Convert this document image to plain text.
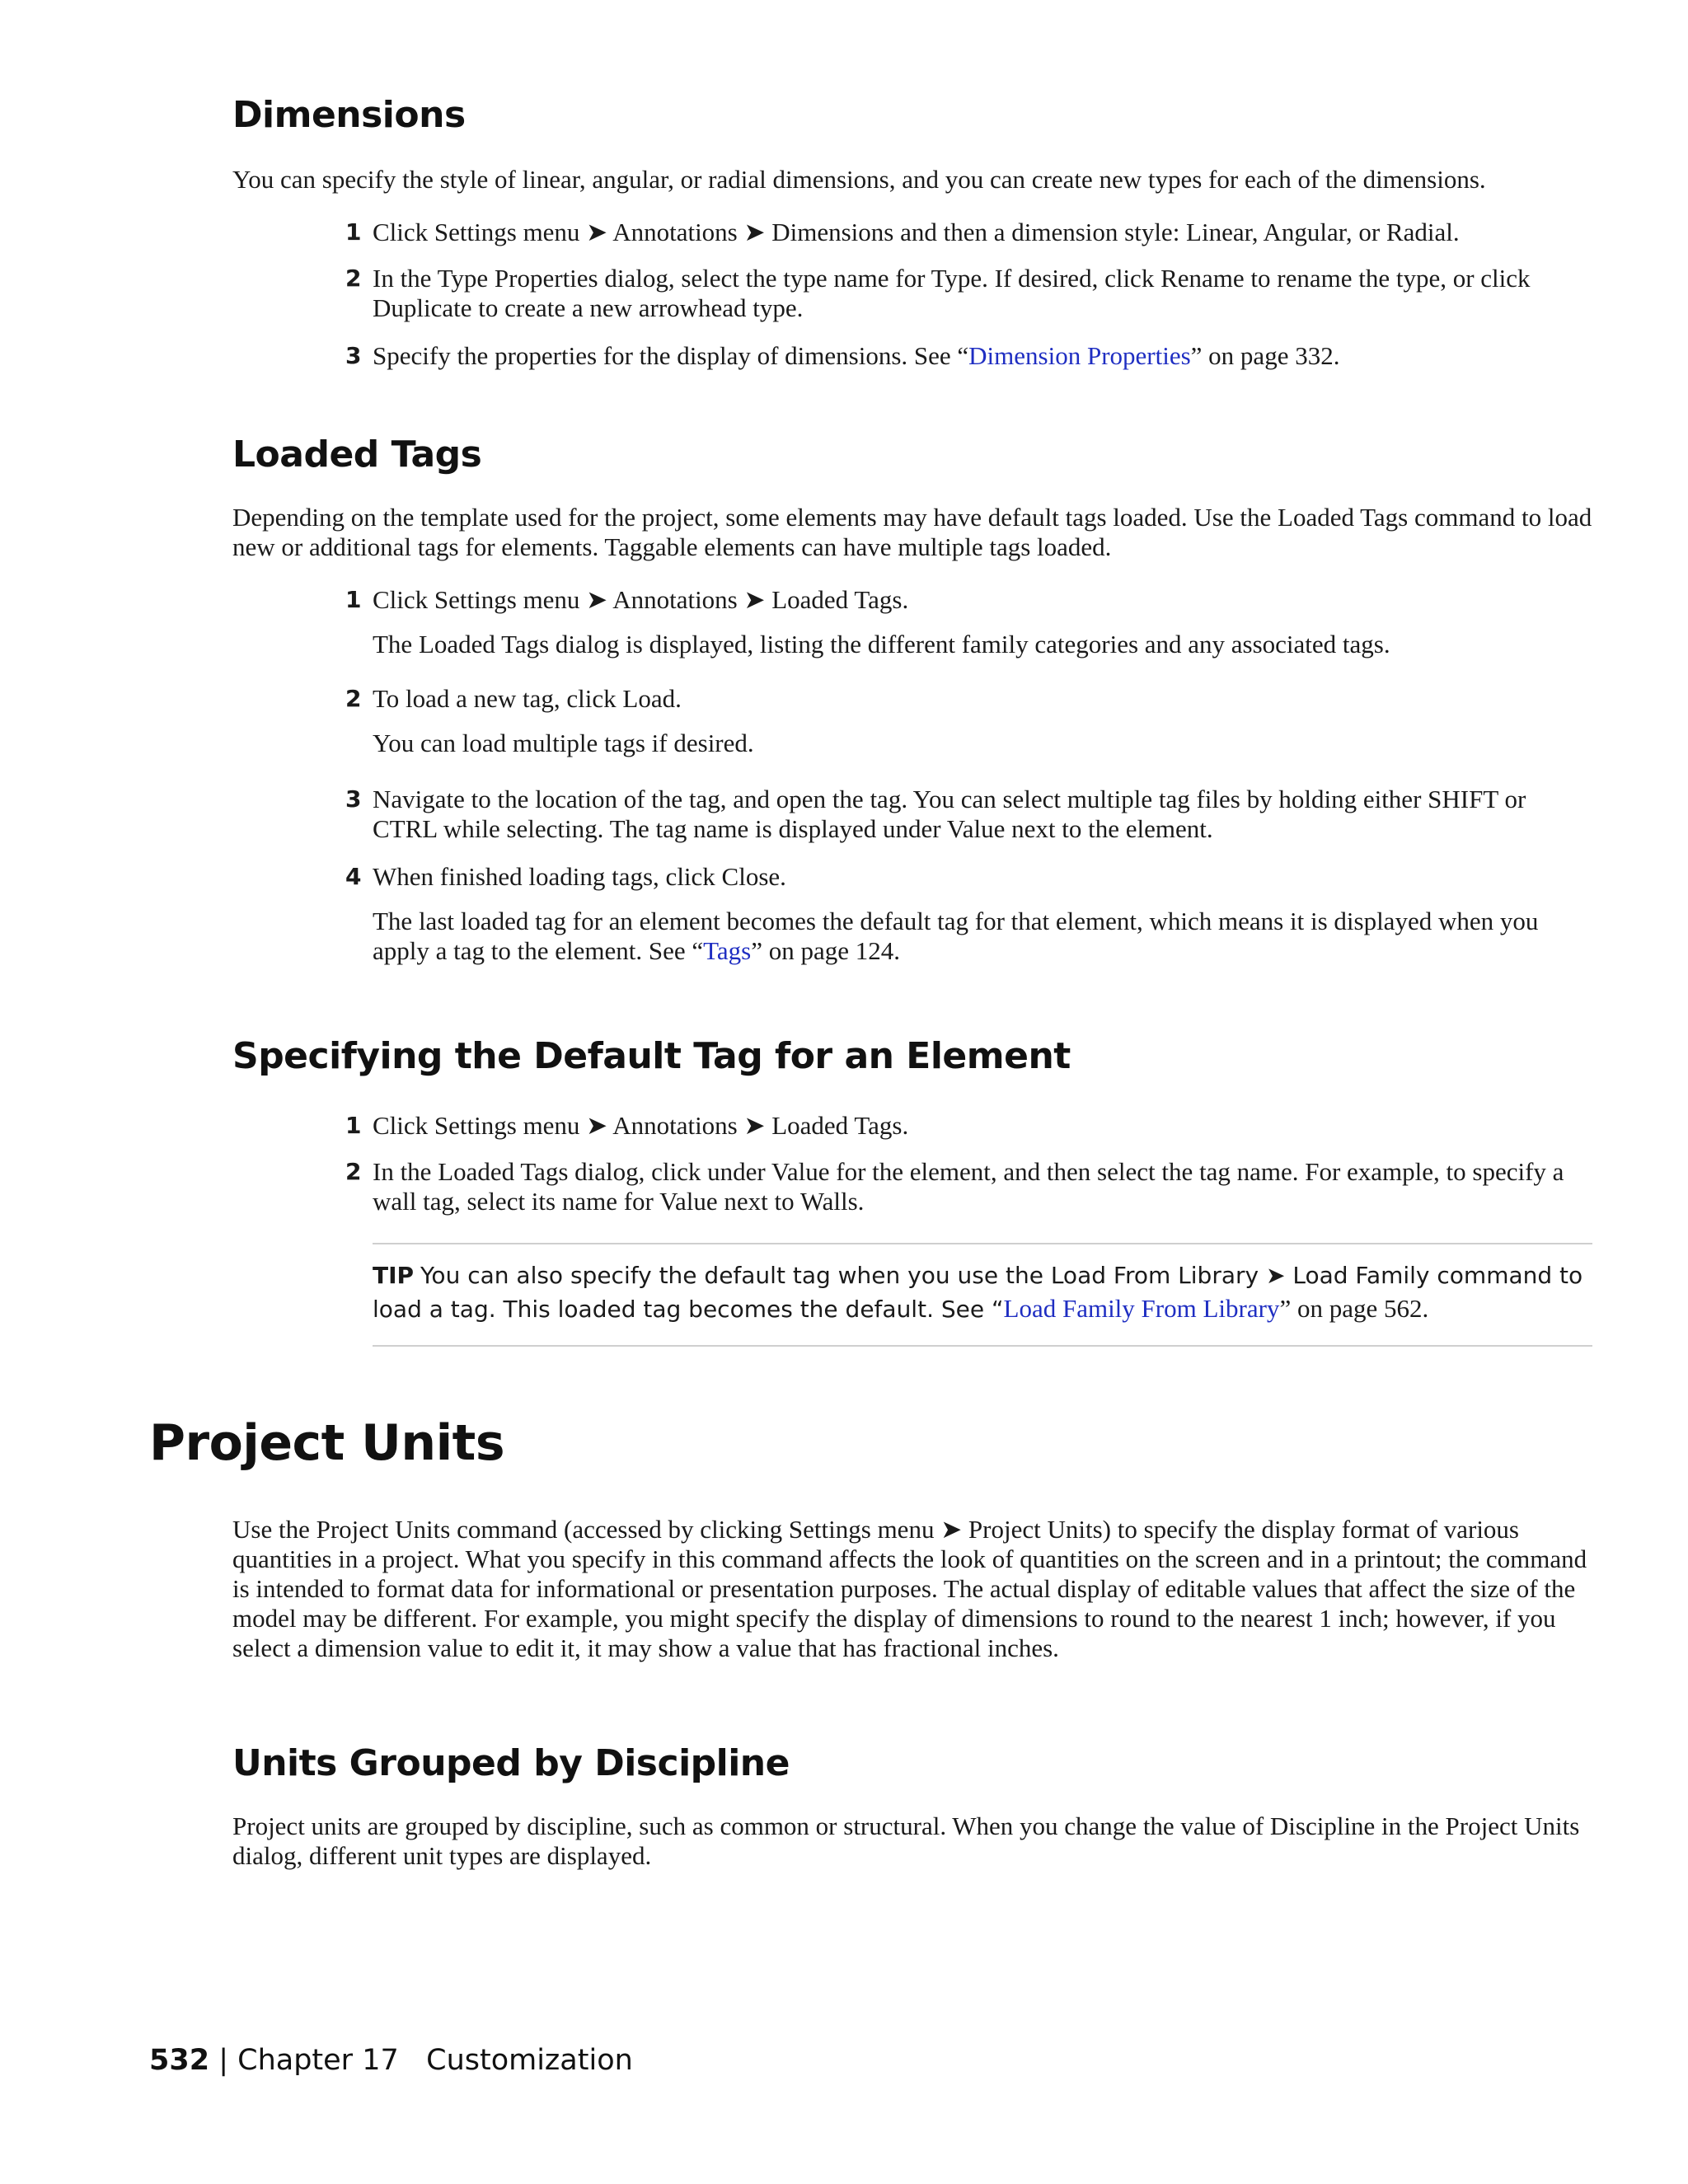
Dimensions

You can specify the style of linear, angular, or radial dimensions, and you can create new types for each of the dimensions.

1 Click Settings menu ➤ Annotations ➤ Dimensions and then a dimension style: Linear, Angular, or Radial.

2 In the Type Properties dialog, select the type name for Type. If desired, click Rename to rename the type, or click Duplicate to create a new arrowhead type.

3 Specify the properties for the display of dimensions. See “Dimension Properties” on page 332.

Loaded Tags

Depending on the template used for the project, some elements may have default tags loaded. Use the Loaded Tags command to load new or additional tags for elements. Taggable elements can have multiple tags loaded.

1 Click Settings menu ➤ Annotations ➤ Loaded Tags.

The Loaded Tags dialog is displayed, listing the different family categories and any associated tags.

2 To load a new tag, click Load.

You can load multiple tags if desired.

3 Navigate to the location of the tag, and open the tag. You can select multiple tag files by holding either SHIFT or CTRL while selecting. The tag name is displayed under Value next to the element.

4 When finished loading tags, click Close.

The last loaded tag for an element becomes the default tag for that element, which means it is displayed when you apply a tag to the element. See “Tags” on page 124.

Specifying the Default Tag for an Element

1 Click Settings menu ➤ Annotations ➤ Loaded Tags.

2 In the Loaded Tags dialog, click under Value for the element, and then select the tag name. For example, to specify a wall tag, select its name for Value next to Walls.

TIP You can also specify the default tag when you use the Load From Library ➤ Load Family command to load a tag. This loaded tag becomes the default. See “Load Family From Library” on page 562.

Project Units

Use the Project Units command (accessed by clicking Settings menu ➤ Project Units) to specify the display format of various quantities in a project. What you specify in this command affects the look of quantities on the screen and in a printout; the command is intended to format data for informational or presentation purposes. The actual display of editable values that affect the size of the model may be different. For example, you might specify the display of dimensions to round to the nearest 1 inch; however, if you select a dimension value to edit it, it may show a value that has fractional inches.

Units Grouped by Discipline

Project units are grouped by discipline, such as common or structural. When you change the value of Discipline in the Project Units dialog, different unit types are displayed.

532 | Chapter 17 Customization
